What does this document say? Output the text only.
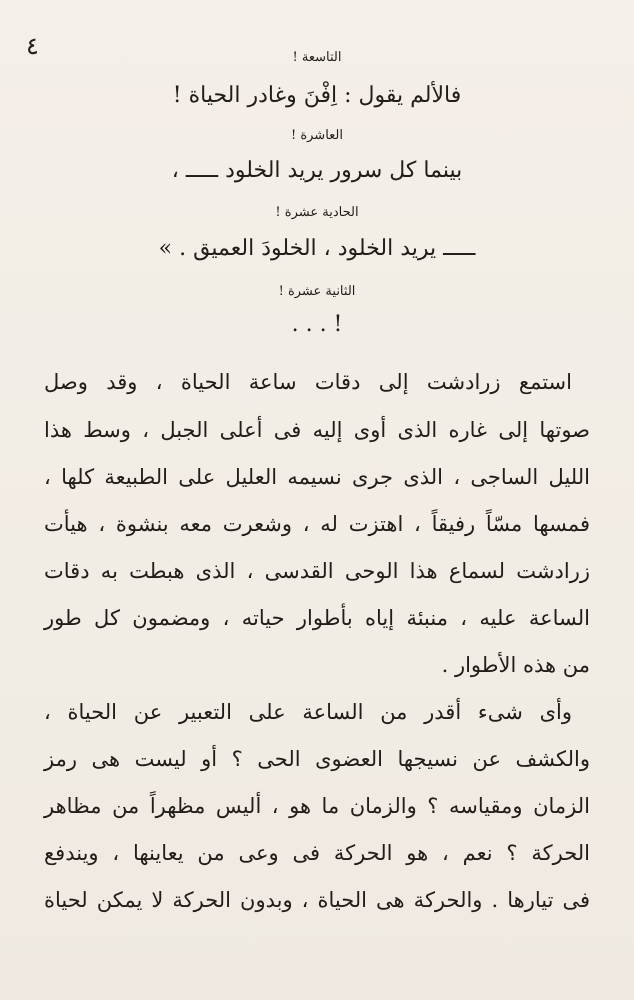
٤	التاسعة !
فالألم يقول : اِفْنَ وغادر الحياة !
العاشرة !
بينما كل سرور يريد الخلود ـــــ ،
الحادية عشرة !
ـــــ يريد الخلود ، الخلودَ العميق . »
الثانية عشرة !
! . . .
استمع زرادشت إلى دقات ساعة الحياة ، وقد وصل
صوتها إلى غاره الذى أوى إليه فى أعلى الجبل ، وسط هذا
الليل الساجى ، الذى جرى نسيمه العليل على الطبيعة كلها ،
فمسها مسّاً رفيقاً ، اهتزت له ، وشعرت معه بنشوة ، هيأت
زرادشت لسماع هذا الوحى القدسى ، الذى هبطت به دقات
الساعة عليه ، منبئة إياه بأطوار حياته ، ومضمون كل طور
من هذه الأطوار .
وأى شىء أقدر من الساعة على التعبير عن الحياة ،
والكشف عن نسيجها العضوى الحى ؟ أو ليست هى رمز
الزمان ومقياسه ؟ والزمان ما هو ، أليس مظهراً من مظاهر
الحركة ؟ نعم ، هو الحركة فى وعى من يعاينها ، ويندفع
فى تيارها . والحركة هى الحياة ، وبدون الحركة لا يمكن لحياة
